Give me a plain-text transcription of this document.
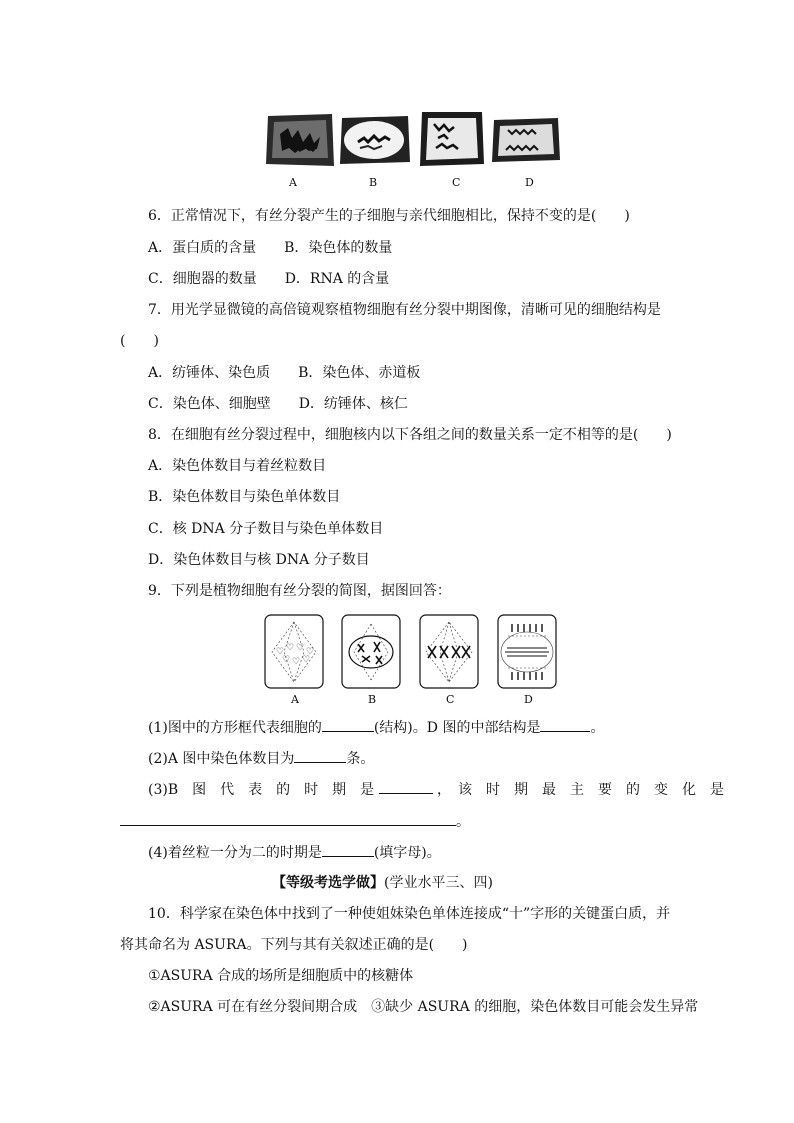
A	B	C	D
6．正常情况下，有丝分裂产生的子细胞与亲代细胞相比，保持不变的是(　　)
A．蛋白质的含量　　B．染色体的数量
C．细胞器的数量　　D．RNA 的含量
7．用光学显微镜的高倍镜观察植物细胞有丝分裂中期图像，清晰可见的细胞结构是
(　　)
A．纺锤体、染色质　　B．染色体、赤道板
C．染色体、细胞壁　　D．纺锤体、核仁
8．在细胞有丝分裂过程中，细胞核内以下各组之间的数量关系一定不相等的是(　　)
A．染色体数目与着丝粒数目
B．染色体数目与染色单体数目
C．核 DNA 分子数目与染色单体数目
D．染色体数目与核 DNA 分子数目
9．下列是植物细胞有丝分裂的简图，据图回答：
♡ ♡ ♡ ♡
♡ ♡ ♡
A	B	C	D
(1)图中的方形框代表细胞的	(结构)。D 图的中部结构是	。
(2)A 图中染色体数目为	条。
(3)B　图　代　表　的　时　期　是	，　该　时　期　最　主　要　的　变　化　是
。
(4)着丝粒一分为二的时期是	(填字母)。
【等级考选学做】(学业水平三、四)
10．科学家在染色体中找到了一种使姐妹染色单体连接成“十”字形的关键蛋白质，并
将其命名为 ASURA。下列与其有关叙述正确的是(　　)
①ASURA 合成的场所是细胞质中的核糖体
②ASURA 可在有丝分裂间期合成　③缺少 ASURA 的细胞，染色体数目可能会发生异常
